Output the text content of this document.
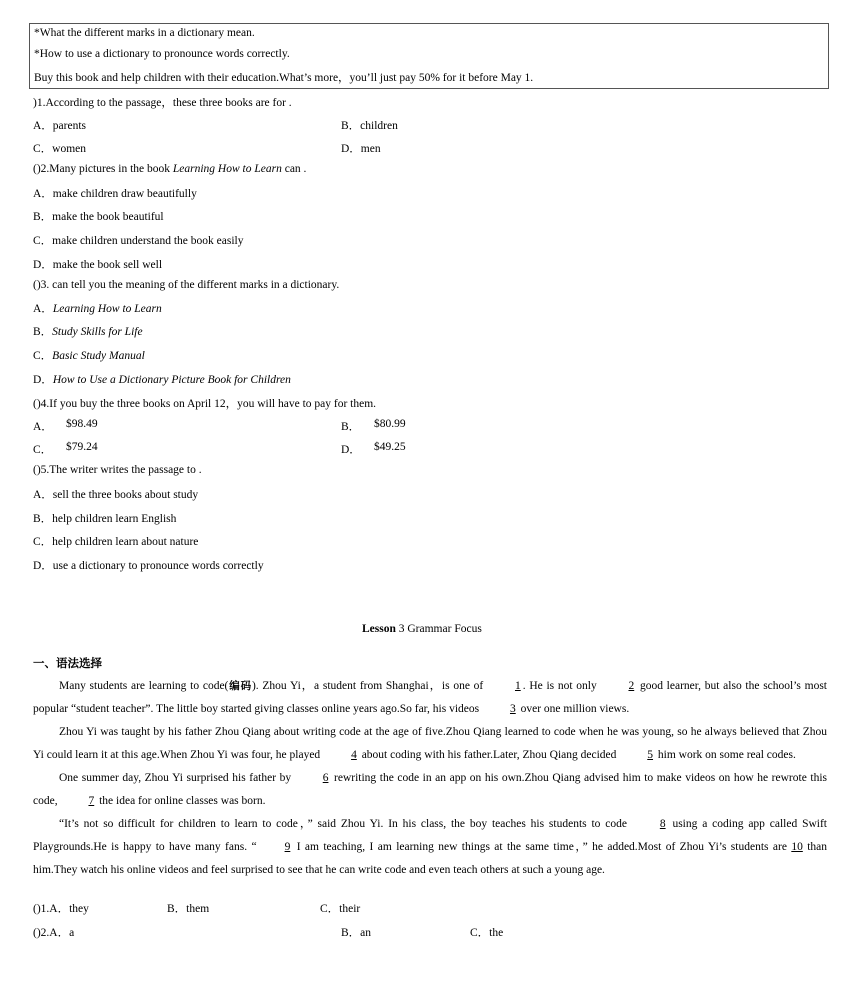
*What the different marks in a dictionary mean.
*How to use a dictionary to pronounce words correctly.
Buy this book and help children with their education.What’s more，you’ll just pay 50% for it before May 1.
)1.According to the passage，these three books are for .
A．parents	B．children
C．women	D．men
()2.Many pictures in the book Learning How to Learn can .
A．make children draw beautifully
B．make the book beautiful
C．make children understand the book easily
D．make the book sell well
()3. can tell you the meaning of the different marks in a dictionary.
A．Learning How to Learn
B．Study Skills for Life
C．Basic Study Manual
D．How to Use a Dictionary Picture Book for Children
()4.If you buy the three books on April 12，you will have to pay for them.
A． $98.49	B． $80.99
C． $79.24	D． $49.25
()5.The writer writes the passage to .
A．sell the three books about study
B．help children learn English
C．help children learn about nature
D．use a dictionary to pronounce words correctly
Lesson 3 Grammar Focus
一、语法选择

Many students are learning to code(编码). Zhou Yi，a student from Shanghai，is one of 1 . He is not only 2 good learner, but also the school’s most popular “student teacher”. The little boy started giving classes online years ago.So far, his videos 3 over one million views.

Zhou Yi was taught by his father Zhou Qiang about writing code at the age of five.Zhou Qiang learned to code when he was young, so he always believed that Zhou Yi could learn it at this age.When Zhou Yi was four, he played 4 about coding with his father.Later, Zhou Qiang decided 5 him work on some real codes.

One summer day, Zhou Yi surprised his father by 6 rewriting the code in an app on his own.Zhou Qiang advised him to make videos on how he rewrote this code, 7 the idea for online classes was born.

“It’s not so difficult for children to learn to code，” said Zhou Yi. In his class, the boy teaches his students to code 8 using a coding app called Swift Playgrounds.He is happy to have many fans. “ 9 I am teaching, I am learning new things at the same time，” he added.Most of Zhou Yi’s students are 10 than him.They watch his online videos and feel surprised to see that he can write code and even teach others at such a young age.

()1.A．they	B．them	C．their
()2.A．a	B．an	C．the
